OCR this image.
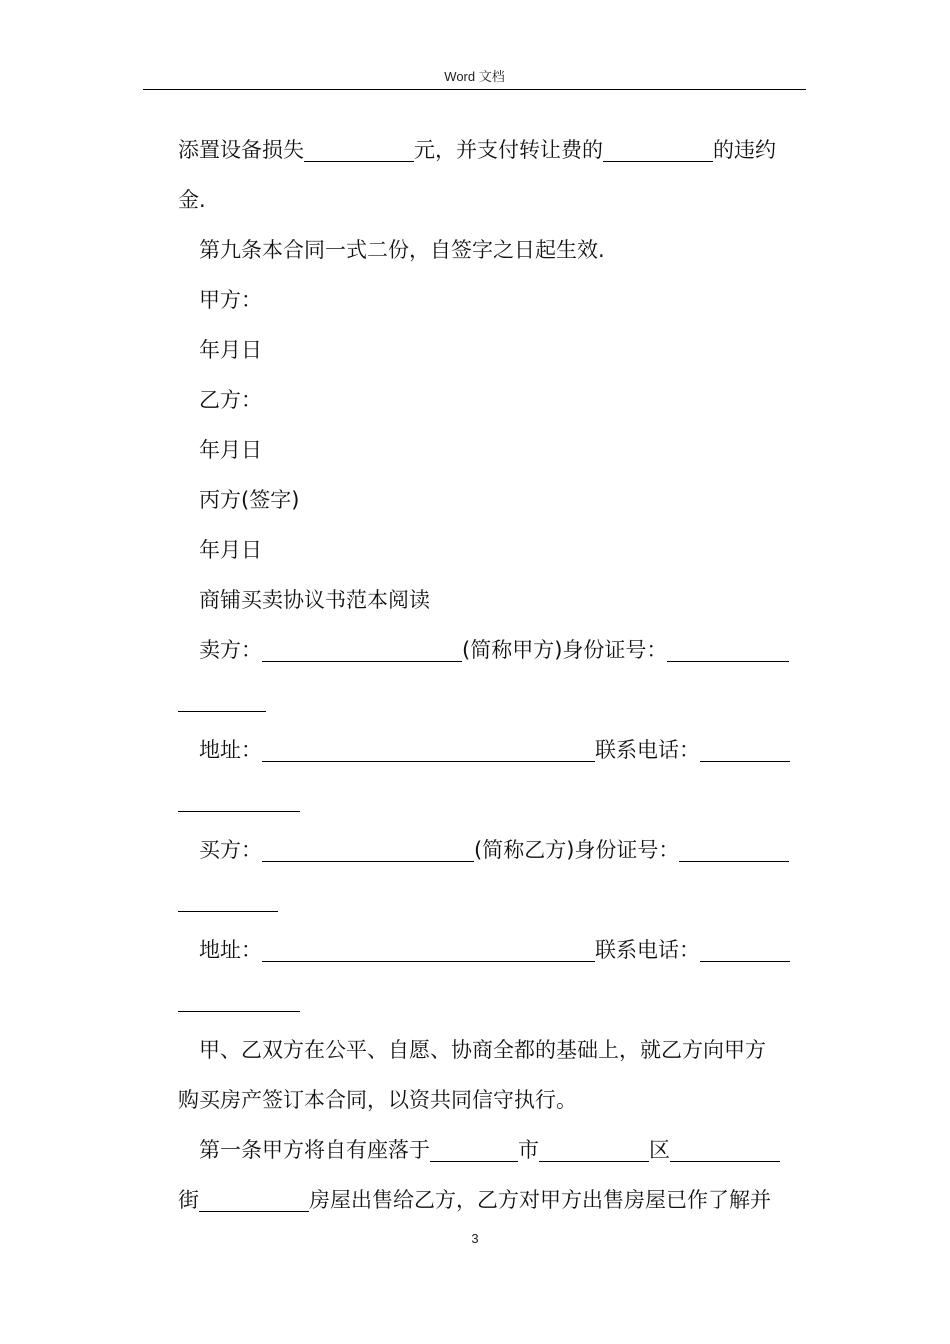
Word 文档
添置设备损失	元，并支付转让费的	的违约
金.
第九条本合同一式二份，自签字之日起生效.
甲方：
年月日
乙方：
年月日
丙方(签字)
年月日
商铺买卖协议书范本阅读
卖方：	(简称甲方)身份证号：
地址：	联系电话：
买方：	(简称乙方)身份证号：
地址：	联系电话：
甲、乙双方在公平、自愿、协商全都的基础上，就乙方向甲方
购买房产签订本合同，以资共同信守执行。
第一条甲方将自有座落于	市	区
街	房屋出售给乙方，乙方对甲方出售房屋已作了解并
3
